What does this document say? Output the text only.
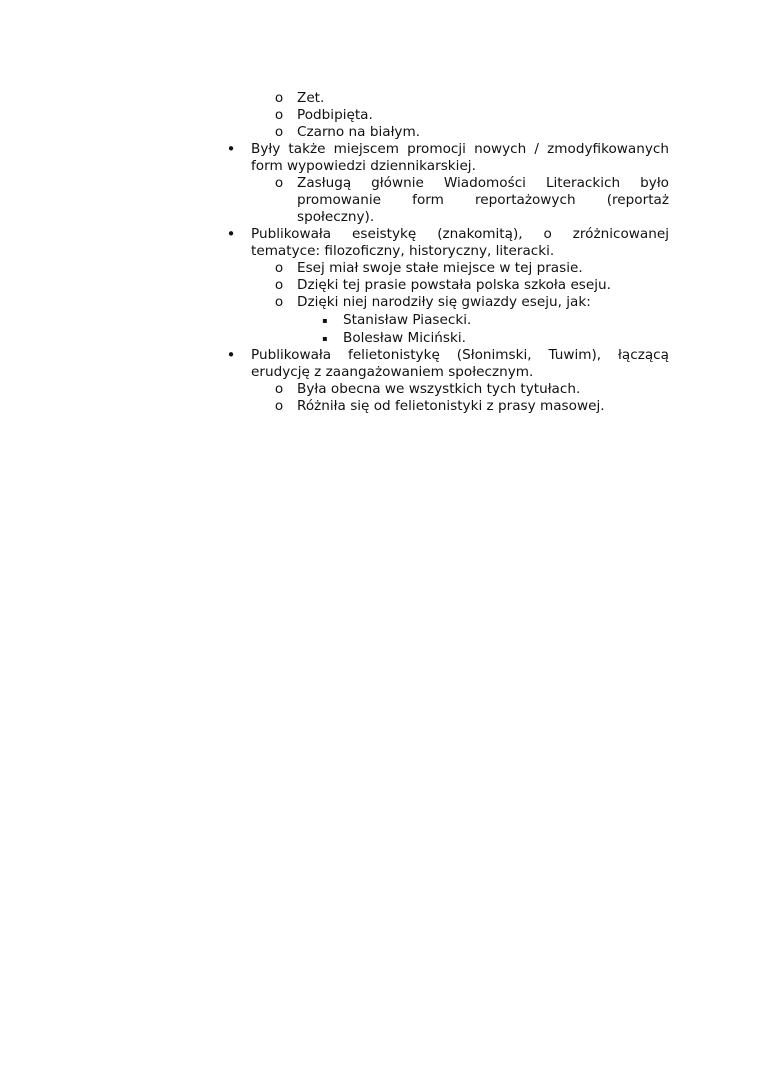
o Zet.
o Podbipięta.
o Czarno na białym.
• Były także miejscem promocji nowych / zmodyfikowanych form wypowiedzi dziennikarskiej.
o Zasługą głównie Wiadomości Literackich było promowanie form reportażowych (reportaż społeczny).
• Publikowała eseistykę (znakomitą), o zróżnicowanej tematyce: filozoficzny, historyczny, literacki.
o Esej miał swoje stałe miejsce w tej prasie.
o Dzięki tej prasie powstała polska szkoła eseju.
o Dzięki niej narodziły się gwiazdy eseju, jak:
▪	Stanisław Piasecki.
▪	Bolesław Miciński.
• Publikowała felietonistykę (Słonimski, Tuwim), łączącą erudycję z zaangażowaniem społecznym.
o Była obecna we wszystkich tych tytułach.
o Różniła się od felietonistyki z prasy masowej.
